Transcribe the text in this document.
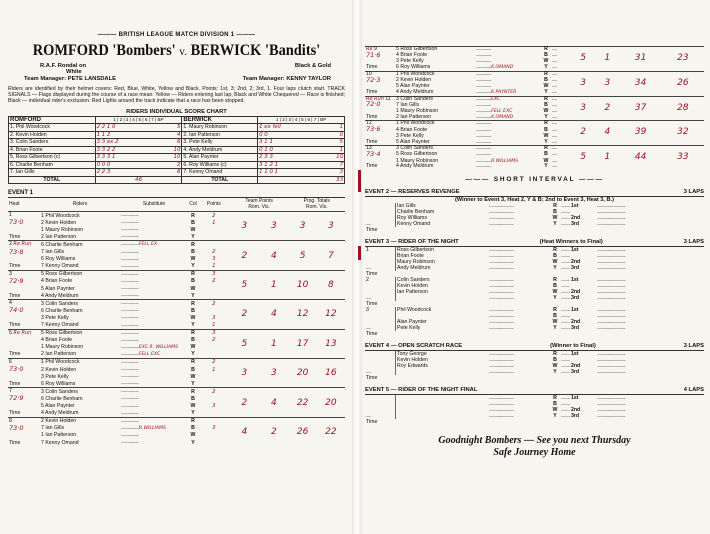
——— BRITISH LEAGUE MATCH DIVISION 1 ———
ROMFORD 'Bombers' v. BERWICK 'Bandits'
R.A.F. Rondal on	Black & Gold
White
Team Manager: PETE LANSDALE	Team Manager: KENNY TAYLOR
Riders are identified by their helmet covers: Red, Blue, White, Yellow and Black. Points: 1st, 3; 2nd, 2; 3rd, 1. Four laps clutch start. TRACK SIGNALS — Flags displayed during the course of a race mean: Yellow — Riders entering last lap; Black and White Chequered — Race is finished; Black — individual rider's exclusion. Red Lights around the track indicate that a race has been stopped.
RIDERS INDIVIDUAL SCORE CHART
ROMFORD	1 | 2 | 3 | 4 | 5 | 6 | 7 | BP	BERWICK	1 | 2 | 3 | 4 | 5 | 6 | 7 | BP
1. Phil Woodcock	2 2 1 0 5	1. Maury Robinson	1 ex fell 1

2. Kevin Holden	1 1 2 4	2. Ian Patterson	0 0 0

3. Colin Sanders	3 3 ex 2 6	3. Pete Kelly	3 1 1 5

4. Brian Foote	3 3 2 2 10	4. Andy Meldrum	0 1 0 1

5. Ross Gilbertson (c)	3 3 3 1 10	5. Alan Paynter	2 3 3 10

6. Charlie Benham	0 0 0 2	6. Roy Williams (c)	3 1 2 1 7

7. Ian Gills	2 2 3 6	7. Kenny Omand	1 1 0 1 3

TOTAL	46	TOTAL	33
EVENT 1
Heat	Riders	Substitute	Col	Points	Team Points
Rom. Vis.		Prog. Totals
Rom. Vis.	
1	1 Phil Woodcock	...................	R	2	3	3	3	3
73·0	2 Kevin Holden	...................	B	1				
	1 Maury Robinson	...................	W					
Time	2 Ian Patterson	...................	Y					
2 Re Run	6 Charlie Benham	...................FELL EX	R		2	4	5	7
73·8	7 Ian Gills	...................	B	2				
	6 Roy Williams	...................	W	3				
Time	7 Kenny Omand	...................	Y	1				
3	5 Ross Gilbertson	...................	R	3	5	1	10	8
72·9	4 Brian Foote	...................	B	2				
	5 Alan Paynter	...................	W					
Time	4 Andy Meldrum	...................	Y					
4	3 Colin Sanders	...................	R	2	2	4	12	12
74·0	6 Charlie Benham	...................	B					
	3 Pete Kelly	...................	W	3				
Time	7 Kenny Omand	...................	Y	1				
5 Re Run	5 Ross Gilbertson	...................	R	3	5	1	17	13
	4 Brian Foote	...................	B	2				
	1 Maury Robinson	...................EXC R. WILLIAMS	W					
Time	2 Ian Patterson	...................FELL EXC	Y					
6	1 Phil Woodcock	...................	R	2	3	3	20	16
73·0	2 Kevin Holden	...................	B	1				
	3 Pete Kelly	...................	W					
Time	6 Roy Williams	...................	Y					
7	3 Colin Sanders	...................	R	2	2	4	22	20
72·9	6 Charlie Benham	...................	B					
	5 Alan Paynter	...................	W	3				
Time	4 Andy Meldrum	...................	Y					
8	2 Kevin Holden	...................	R		4	2	26	22
73·0	7 Ian Gills	...................R.WILLIAMS	B	3				
	1 Ian Patterson	...................	W					
Time	7 Kenny Omand	...................	Y					
Re 9	5 Ross Gilbertson	................	R	.....	5	1	31	23
71·6	4 Brian Foote	................	B	.....				
	3 Pete Kelly	................	W	.....				
Time	6 Roy Williams	................K.OMAND	Y	.....				
10	1 Phil Woodcock	................	R	.....	3	3	34	26
72·3	2 Kevin Holden	................	B	.....				
	5 Alan Paynter	................	W	.....				
Time	4 Andy Meldrum	................K.PAYNTER	Y	.....				
Re Run 11	3 Colin Sanders	................EXC	R	.....	3	2	37	28
72·0	7 Ian Gills	................	B	.....				
	1 Maury Robinson	................FELL EXC	W	.....				
Time	2 Ian Patterson	................K.OMAND	Y	.....				
12	1 Phil Woodcock	................	R	.....	2	4	39	32
73·6	4 Brian Foote	................	B	.....				
	3 Pete Kelly	................	W	.....				
Time	5 Alan Paynter	................	Y	.....				
13	3 Colin Sanders	................	R	.....	5	1	44	33
73·4	5 Ross Gilbertson	................	B	.....				
	1 Maury Robinson	................R.WILLIAMS	W	.....				
Time	4 Andy Meldrum	................	Y	.....				
——— SHORT INTERVAL ———
EVENT 2 — RESERVES REVENGE	3 LAPS
(Winner to Event 3, Heat 2, Y & B; 2nd to Event 3, Heat 3, B.)
	Ian Gills	..........................	R	......... 1st	..............................
	Charlie Benham	..........................	B	.........	..............................
	Roy Williams	..........................	W	......... 2nd	..............................
.....	Kenny Omand	..........................	Y	......... 3rd	..............................
Time					
EVENT 3 — RIDER OF THE NIGHT	(Heat Winners to Final)	3 LAPS
1	Ross Gilbertson	..........................	R	......... 1st	..............................
	Brian Foote	..........................	B	.........	..............................
	Maury Robinson	..........................	W	......... 2nd	..............................
.....	Andy Meldrum	..........................	Y	......... 3rd	..............................
Time					
2	Colin Sanders	..........................	R	......... 1st	..............................
	Kevin Holden	..........................	B	.........	..............................
	Ian Patterson	..........................	W	......... 2nd	..............................
.....		..........................	Y	......... 3rd	..............................
Time					
3	Phil Woodcock	..........................	R	......... 1st	..............................
		..........................	B	.........	..............................
	Alan Paynter	..........................	W	......... 2nd	..............................
.....	Pete Kelly	..........................	Y	......... 3rd	..............................
Time					
EVENT 4 — OPEN SCRATCH RACE	(Winner to Final)	3 LAPS
	Tony George	..........................	R	......... 1st	..............................
	Kevin Holden	..........................	B	.........	..............................
	Roy Edwards	..........................	W	......... 2nd	..............................
.....		..........................	Y	......... 3rd	..............................
Time					
EVENT 5 — RIDER OF THE NIGHT FINAL	4 LAPS
		..........................	R	......... 1st	..............................
		..........................	B	.........	..............................
		..........................	W	......... 2nd	..............................
.....		..........................	Y	......... 3rd	..............................
Time					
Goodnight Bombers — See you next Thursday
Safe Journey Home
